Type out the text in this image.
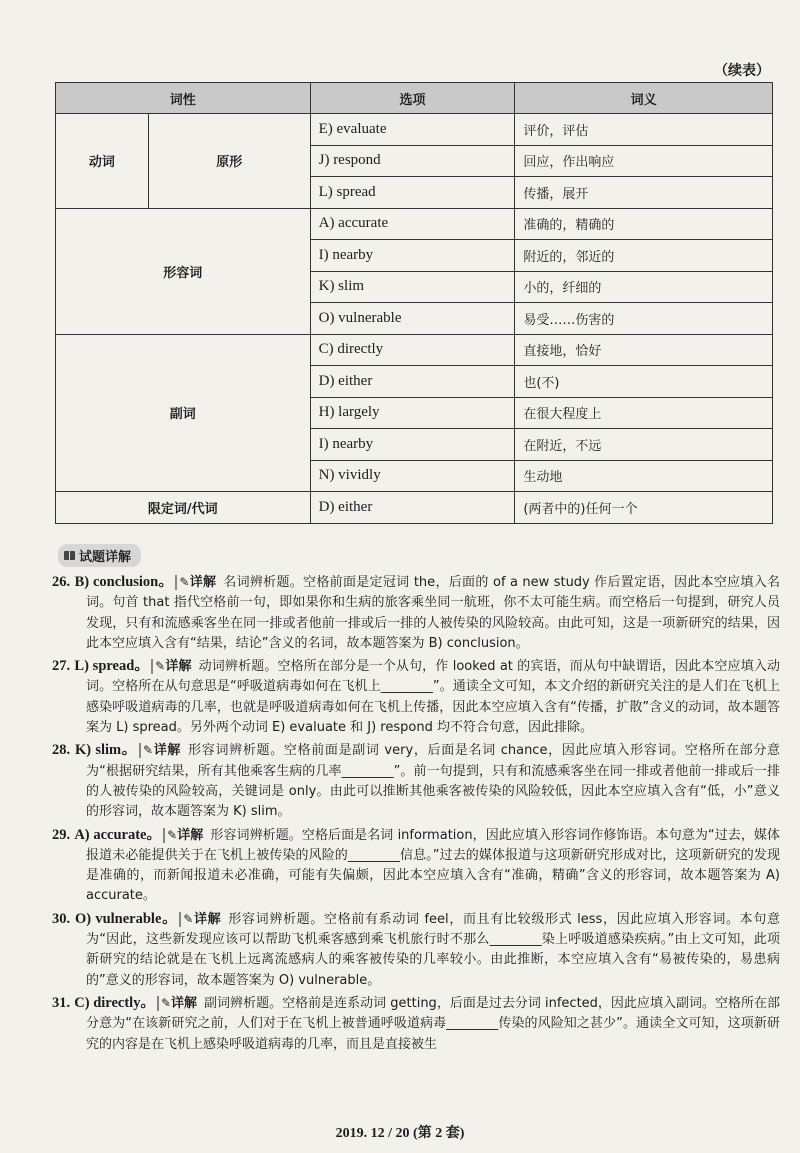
（续表）
词性		选项	词义
动词	原形	E) evaluate	评价，评估
		J) respond	回应，作出响应
		L) spread	传播，展开
形容词		A) accurate	准确的，精确的
		I) nearby	附近的，邻近的
		K) slim	小的，纤细的
		O) vulnerable	易受……伤害的
副词		C) directly	直接地，恰好
		D) either	也(不)
		H) largely	在很大程度上
		I) nearby	在附近，不远
		N) vividly	生动地
限定词/代词		D) either	(两者中的)任何一个
试题详解

26. B) conclusion。 ✎详解 名词辨析题。空格前面是定冠词 the，后面的 of a new study 作后置定语，因此本空应填入名词。句首 that 指代空格前一句，即如果你和生病的旅客乘坐同一航班，你不太可能生病。而空格后一句提到，研究人员发现，只有和流感乘客坐在同一排或者他前一排或后一排的人被传染的风险较高。由此可知，这是一项新研究的结果，因此本空应填入含有“结果，结论”含义的名词，故本题答案为 B) conclusion。

27. L) spread。 ✎详解 动词辨析题。空格所在部分是一个从句，作 looked at 的宾语，而从句中缺谓语，因此本空应填入动词。空格所在从句意思是“呼吸道病毒如何在飞机上________”。通读全文可知，本文介绍的新研究关注的是人们在飞机上感染呼吸道病毒的几率，也就是呼吸道病毒如何在飞机上传播，因此本空应填入含有“传播，扩散”含义的动词，故本题答案为 L) spread。另外两个动词 E) evaluate 和 J) respond 均不符合句意，因此排除。

28. K) slim。 ✎详解 形容词辨析题。空格前面是副词 very，后面是名词 chance，因此应填入形容词。空格所在部分意为“根据研究结果，所有其他乘客生病的几率________”。前一句提到，只有和流感乘客坐在同一排或者他前一排或后一排的人被传染的风险较高，关键词是 only。由此可以推断其他乘客被传染的风险较低，因此本空应填入含有“低，小”意义的形容词，故本题答案为 K) slim。

29. A) accurate。 ✎详解 形容词辨析题。空格后面是名词 information，因此应填入形容词作修饰语。本句意为“过去，媒体报道未必能提供关于在飞机上被传染的风险的________信息。”过去的媒体报道与这项新研究形成对比，这项新研究的发现是准确的，而新闻报道未必准确，可能有失偏颇，因此本空应填入含有“准确，精确”含义的形容词，故本题答案为 A) accurate。

30. O) vulnerable。 ✎详解 形容词辨析题。空格前有系动词 feel，而且有比较级形式 less，因此应填入形容词。本句意为“因此，这些新发现应该可以帮助飞机乘客感到乘飞机旅行时不那么________染上呼吸道感染疾病。”由上文可知，此项新研究的结论就是在飞机上远离流感病人的乘客被传染的几率较小。由此推断，本空应填入含有“易被传染的，易患病的”意义的形容词，故本题答案为 O) vulnerable。

31. C) directly。 ✎详解 副词辨析题。空格前是连系动词 getting，后面是过去分词 infected，因此应填入副词。空格所在部分意为“在该新研究之前，人们对于在飞机上被普通呼吸道病毒________传染的风险知之甚少”。通读全文可知，这项新研究的内容是在飞机上感染呼吸道病毒的几率，而且是直接被生

2019. 12 / 20 (第 2 套)
